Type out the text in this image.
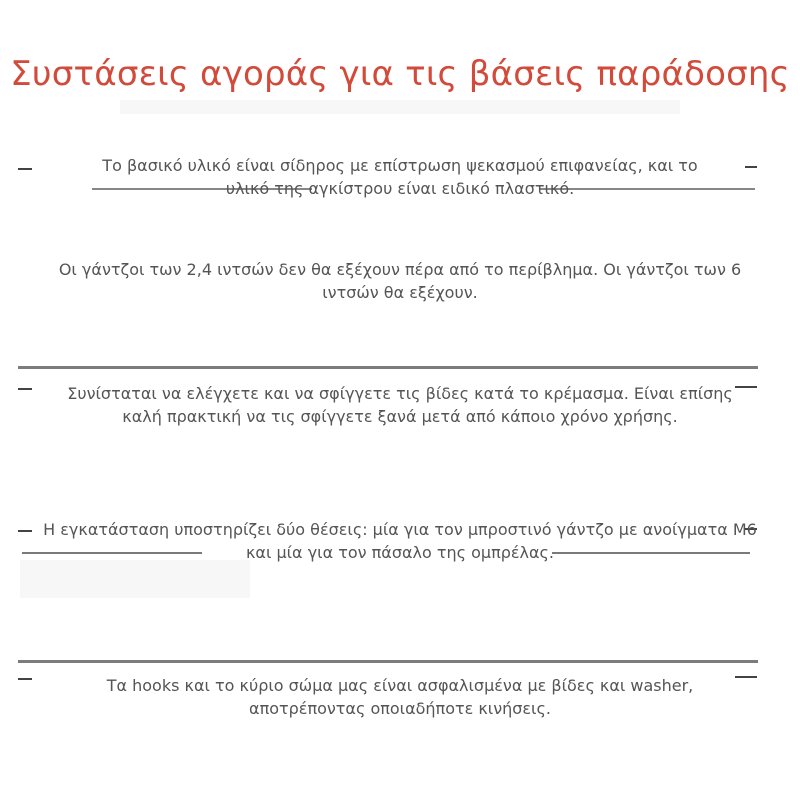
Συστάσεις αγοράς για τις βάσεις παράδοσης
Το βασικό υλικό είναι σίδηρος με επίστρωση ψεκασμού επιφανείας, και το
υλικό της αγκίστρου είναι ειδικό πλαστικό.
Οι γάντζοι των 2,4 ιντσών δεν θα εξέχουν πέρα από το περίβλημα. Οι γάντζοι των 6
ιντσών θα εξέχουν.
Συνίσταται να ελέγχετε και να σφίγγετε τις βίδες κατά το κρέμασμα. Είναι επίσης
καλή πρακτική να τις σφίγγετε ξανά μετά από κάποιο χρόνο χρήσης.
Η εγκατάσταση υποστηρίζει δύο θέσεις: μία για τον μπροστινό γάντζο με ανοίγματα M6
και μία για τον πάσαλο της ομπρέλας.
Τα hooks και το κύριο σώμα μας είναι ασφαλισμένα με βίδες και washer,
αποτρέποντας οποιαδήποτε κινήσεις.
